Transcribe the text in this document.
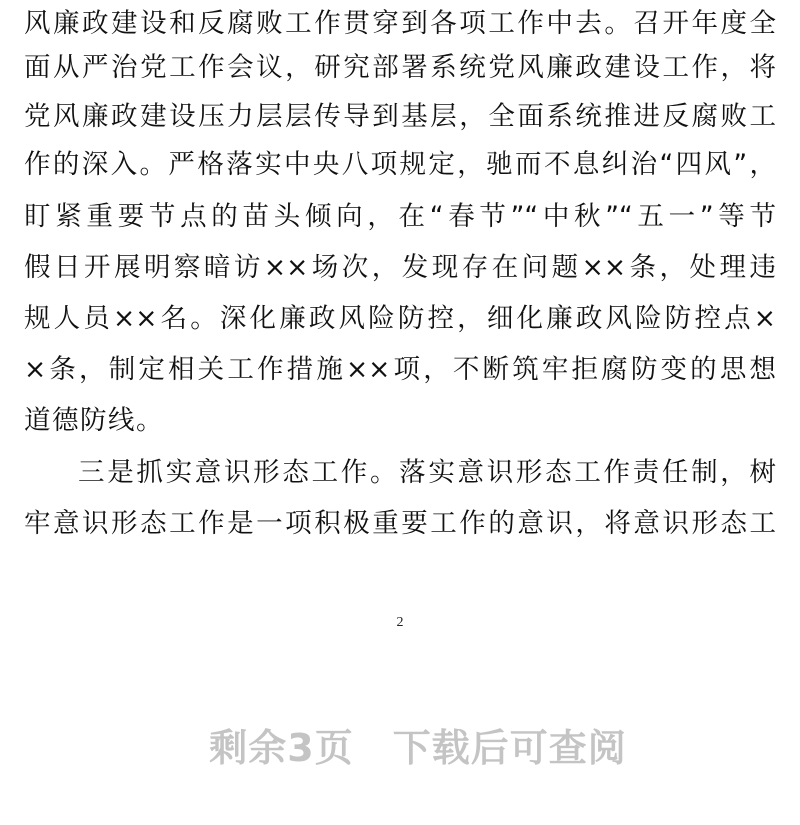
风廉政建设和反腐败工作贯穿到各项工作中去。召开年度全
面从严治党工作会议，研究部署系统党风廉政建设工作，将
党风廉政建设压力层层传导到基层，全面系统推进反腐败工
作的深入。严格落实中央八项规定，驰而不息纠治“四风”，
盯紧重要节点的苗头倾向，在“春节”“中秋”“五一”等节
假日开展明察暗访××场次，发现存在问题××条，处理违
规人员××名。深化廉政风险防控，细化廉政风险防控点×
×条，制定相关工作措施××项，不断筑牢拒腐防变的思想
道德防线。
三是抓实意识形态工作。落实意识形态工作责任制，树
牢意识形态工作是一项积极重要工作的意识，将意识形态工
2
剩余3页　下载后可查阅
